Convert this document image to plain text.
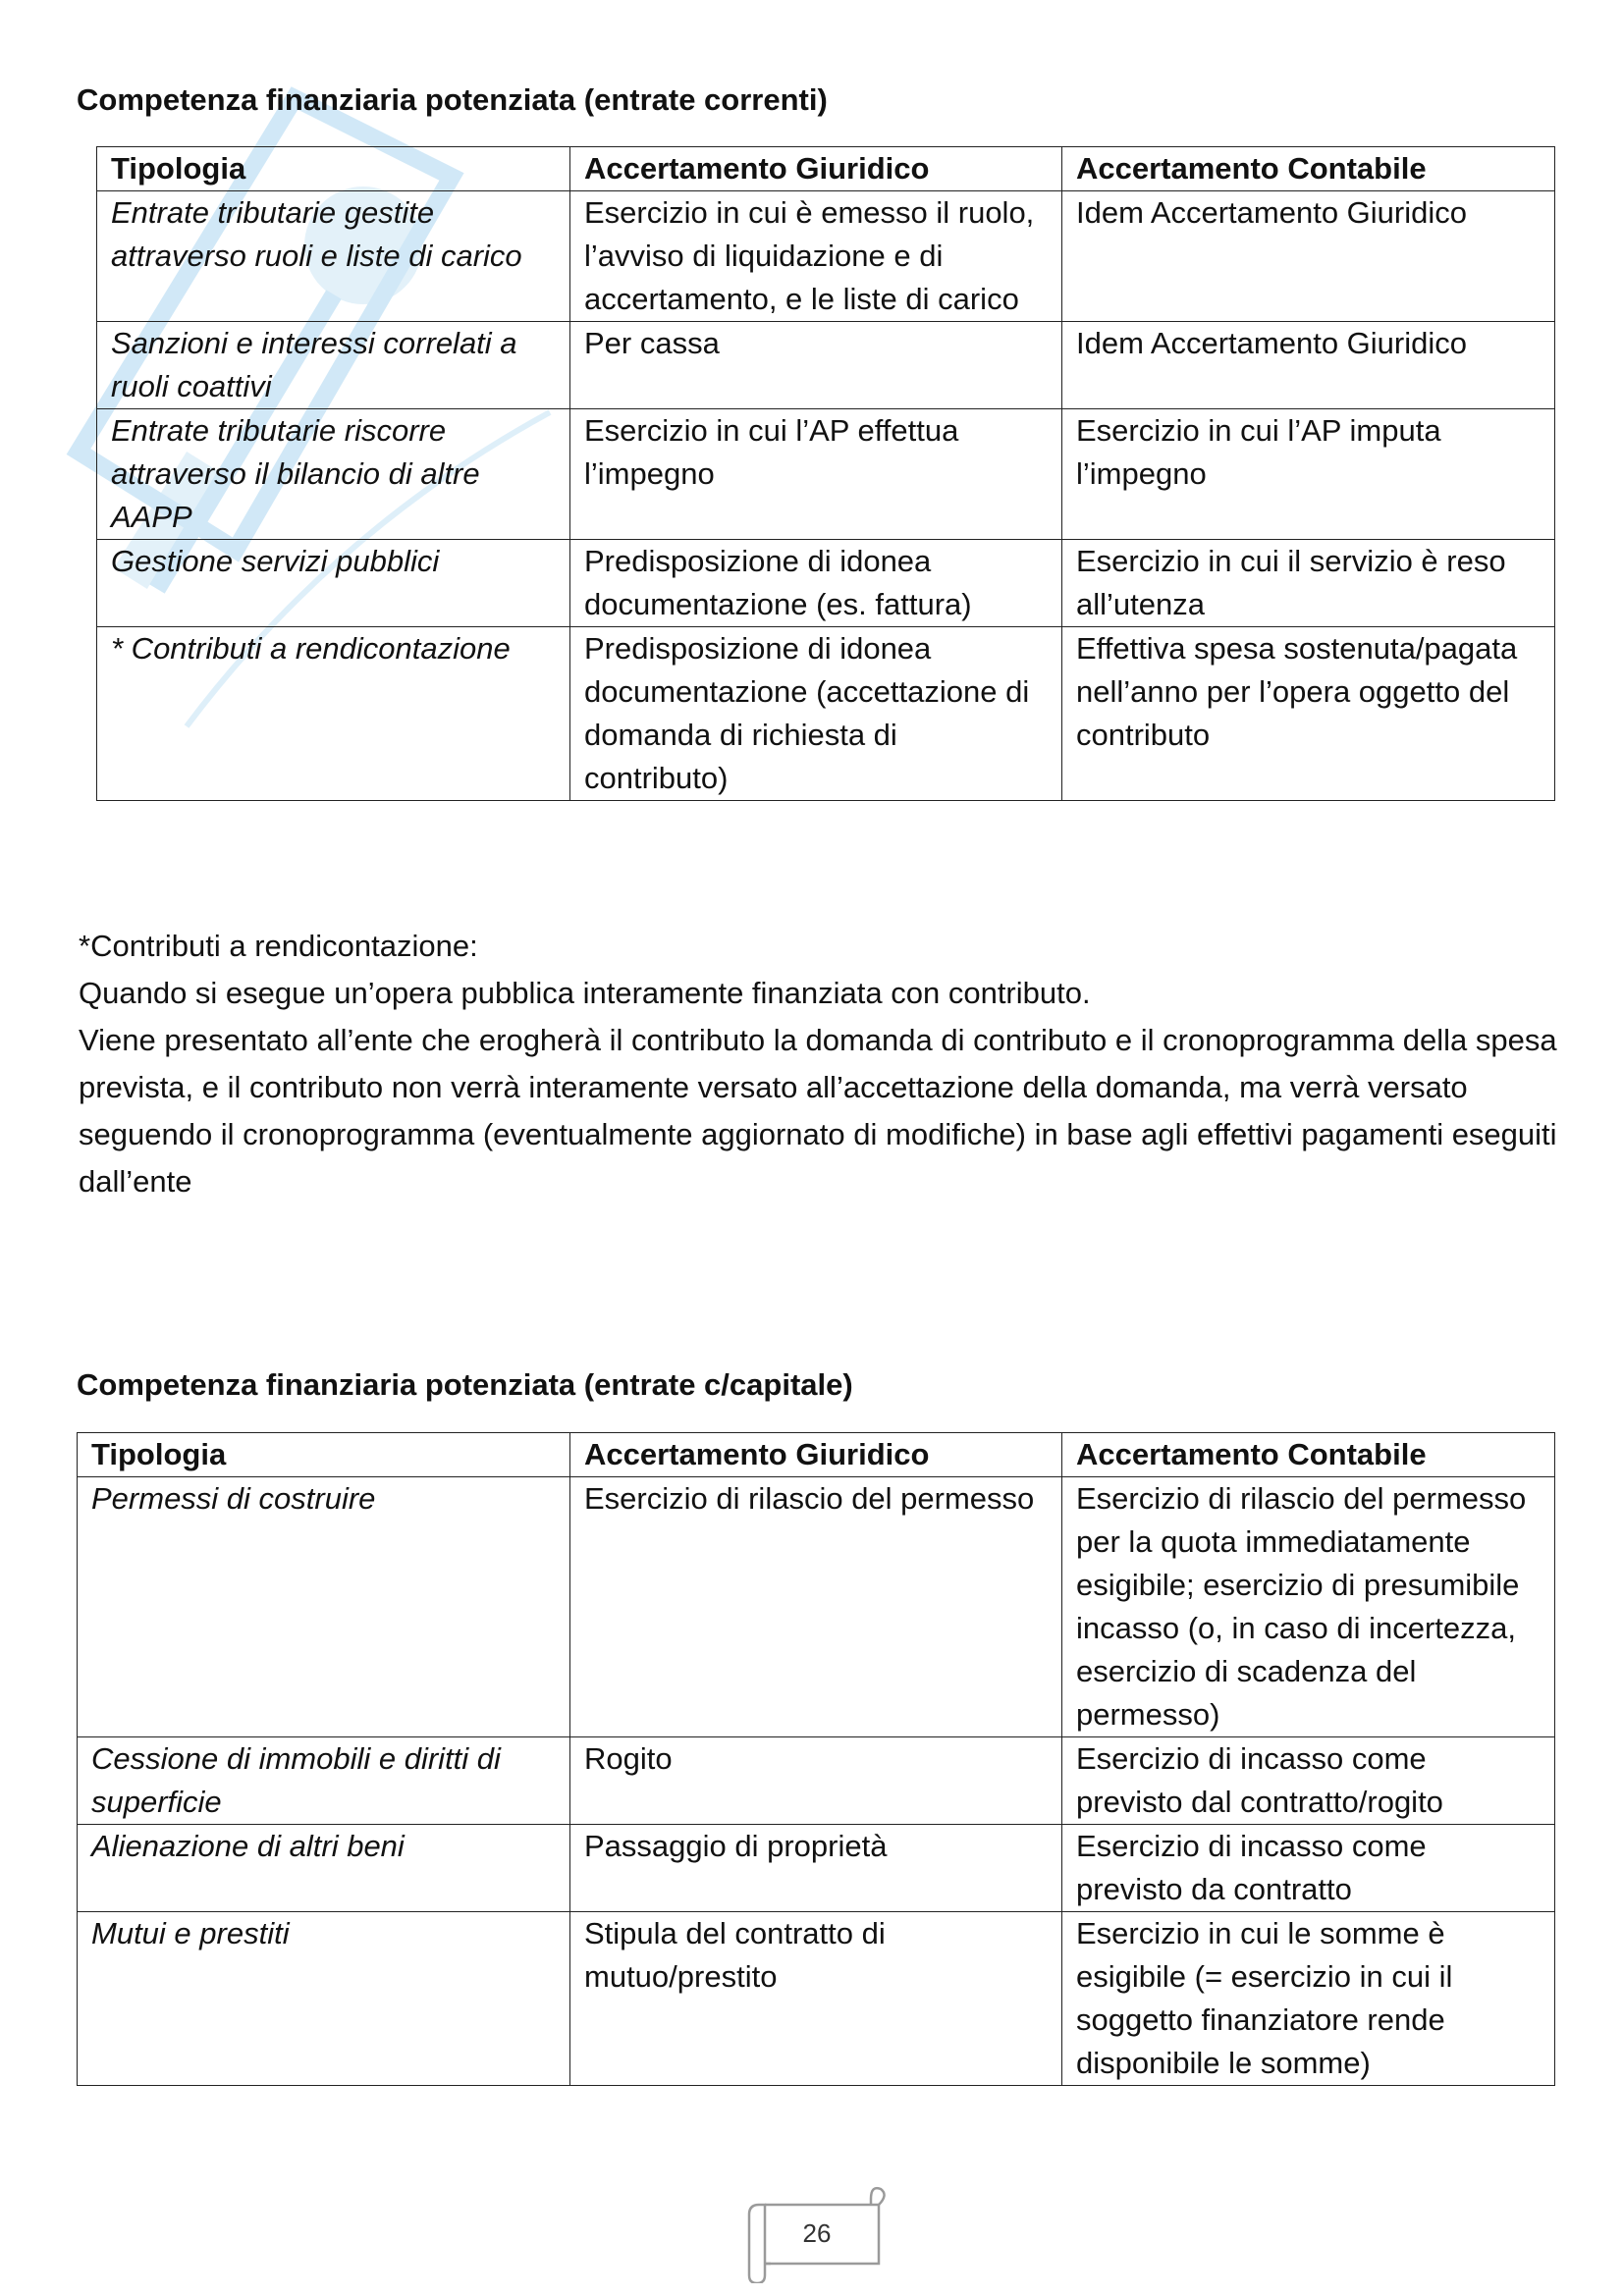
Competenza finanziaria potenziata (entrate correnti)
Tipologia	Accertamento Giuridico	Accertamento Contabile
Entrate tributarie gestite attraverso ruoli e liste di carico	Esercizio in cui è emesso il ruolo, l’avviso di liquidazione e di accertamento, e le liste di carico	Idem Accertamento Giuridico
Sanzioni e interessi correlati a ruoli coattivi	Per cassa	Idem Accertamento Giuridico
Entrate tributarie riscorre attraverso il bilancio di altre AAPP	Esercizio in cui l’AP effettua l’impegno	Esercizio in cui l’AP imputa l’impegno
Gestione servizi pubblici	Predisposizione di idonea documentazione (es. fattura)	Esercizio in cui il servizio è reso all’utenza
* Contributi a rendicontazione	Predisposizione di idonea documentazione (accettazione di domanda di richiesta di contributo)	Effettiva spesa sostenuta/pagata nell’anno per l’opera oggetto del contributo

*Contributi a rendicontazione:

Quando si esegue un’opera pubblica interamente finanziata con contributo.

Viene presentato all’ente che erogherà il contributo la domanda di contributo e il cronoprogramma della spesa prevista, e il contributo non verrà interamente versato all’accettazione della domanda, ma verrà versato seguendo il cronoprogramma (eventualmente aggiornato di modifiche) in base agli effettivi pagamenti eseguiti dall’ente

Competenza finanziaria potenziata (entrate c/capitale)
Tipologia	Accertamento Giuridico	Accertamento Contabile
Permessi di costruire	Esercizio di rilascio del permesso	Esercizio di rilascio del permesso per la quota immediatamente esigibile; esercizio di presumibile incasso (o, in caso di incertezza, esercizio di scadenza del permesso)
Cessione di immobili e diritti di superficie	Rogito	Esercizio di incasso come previsto dal contratto/rogito
Alienazione di altri beni	Passaggio di proprietà	Esercizio di incasso come previsto da contratto
Mutui e prestiti	Stipula del contratto di mutuo/prestito	Esercizio in cui le somme è esigibile (= esercizio in cui il soggetto finanziatore rende disponibile le somme)
26
